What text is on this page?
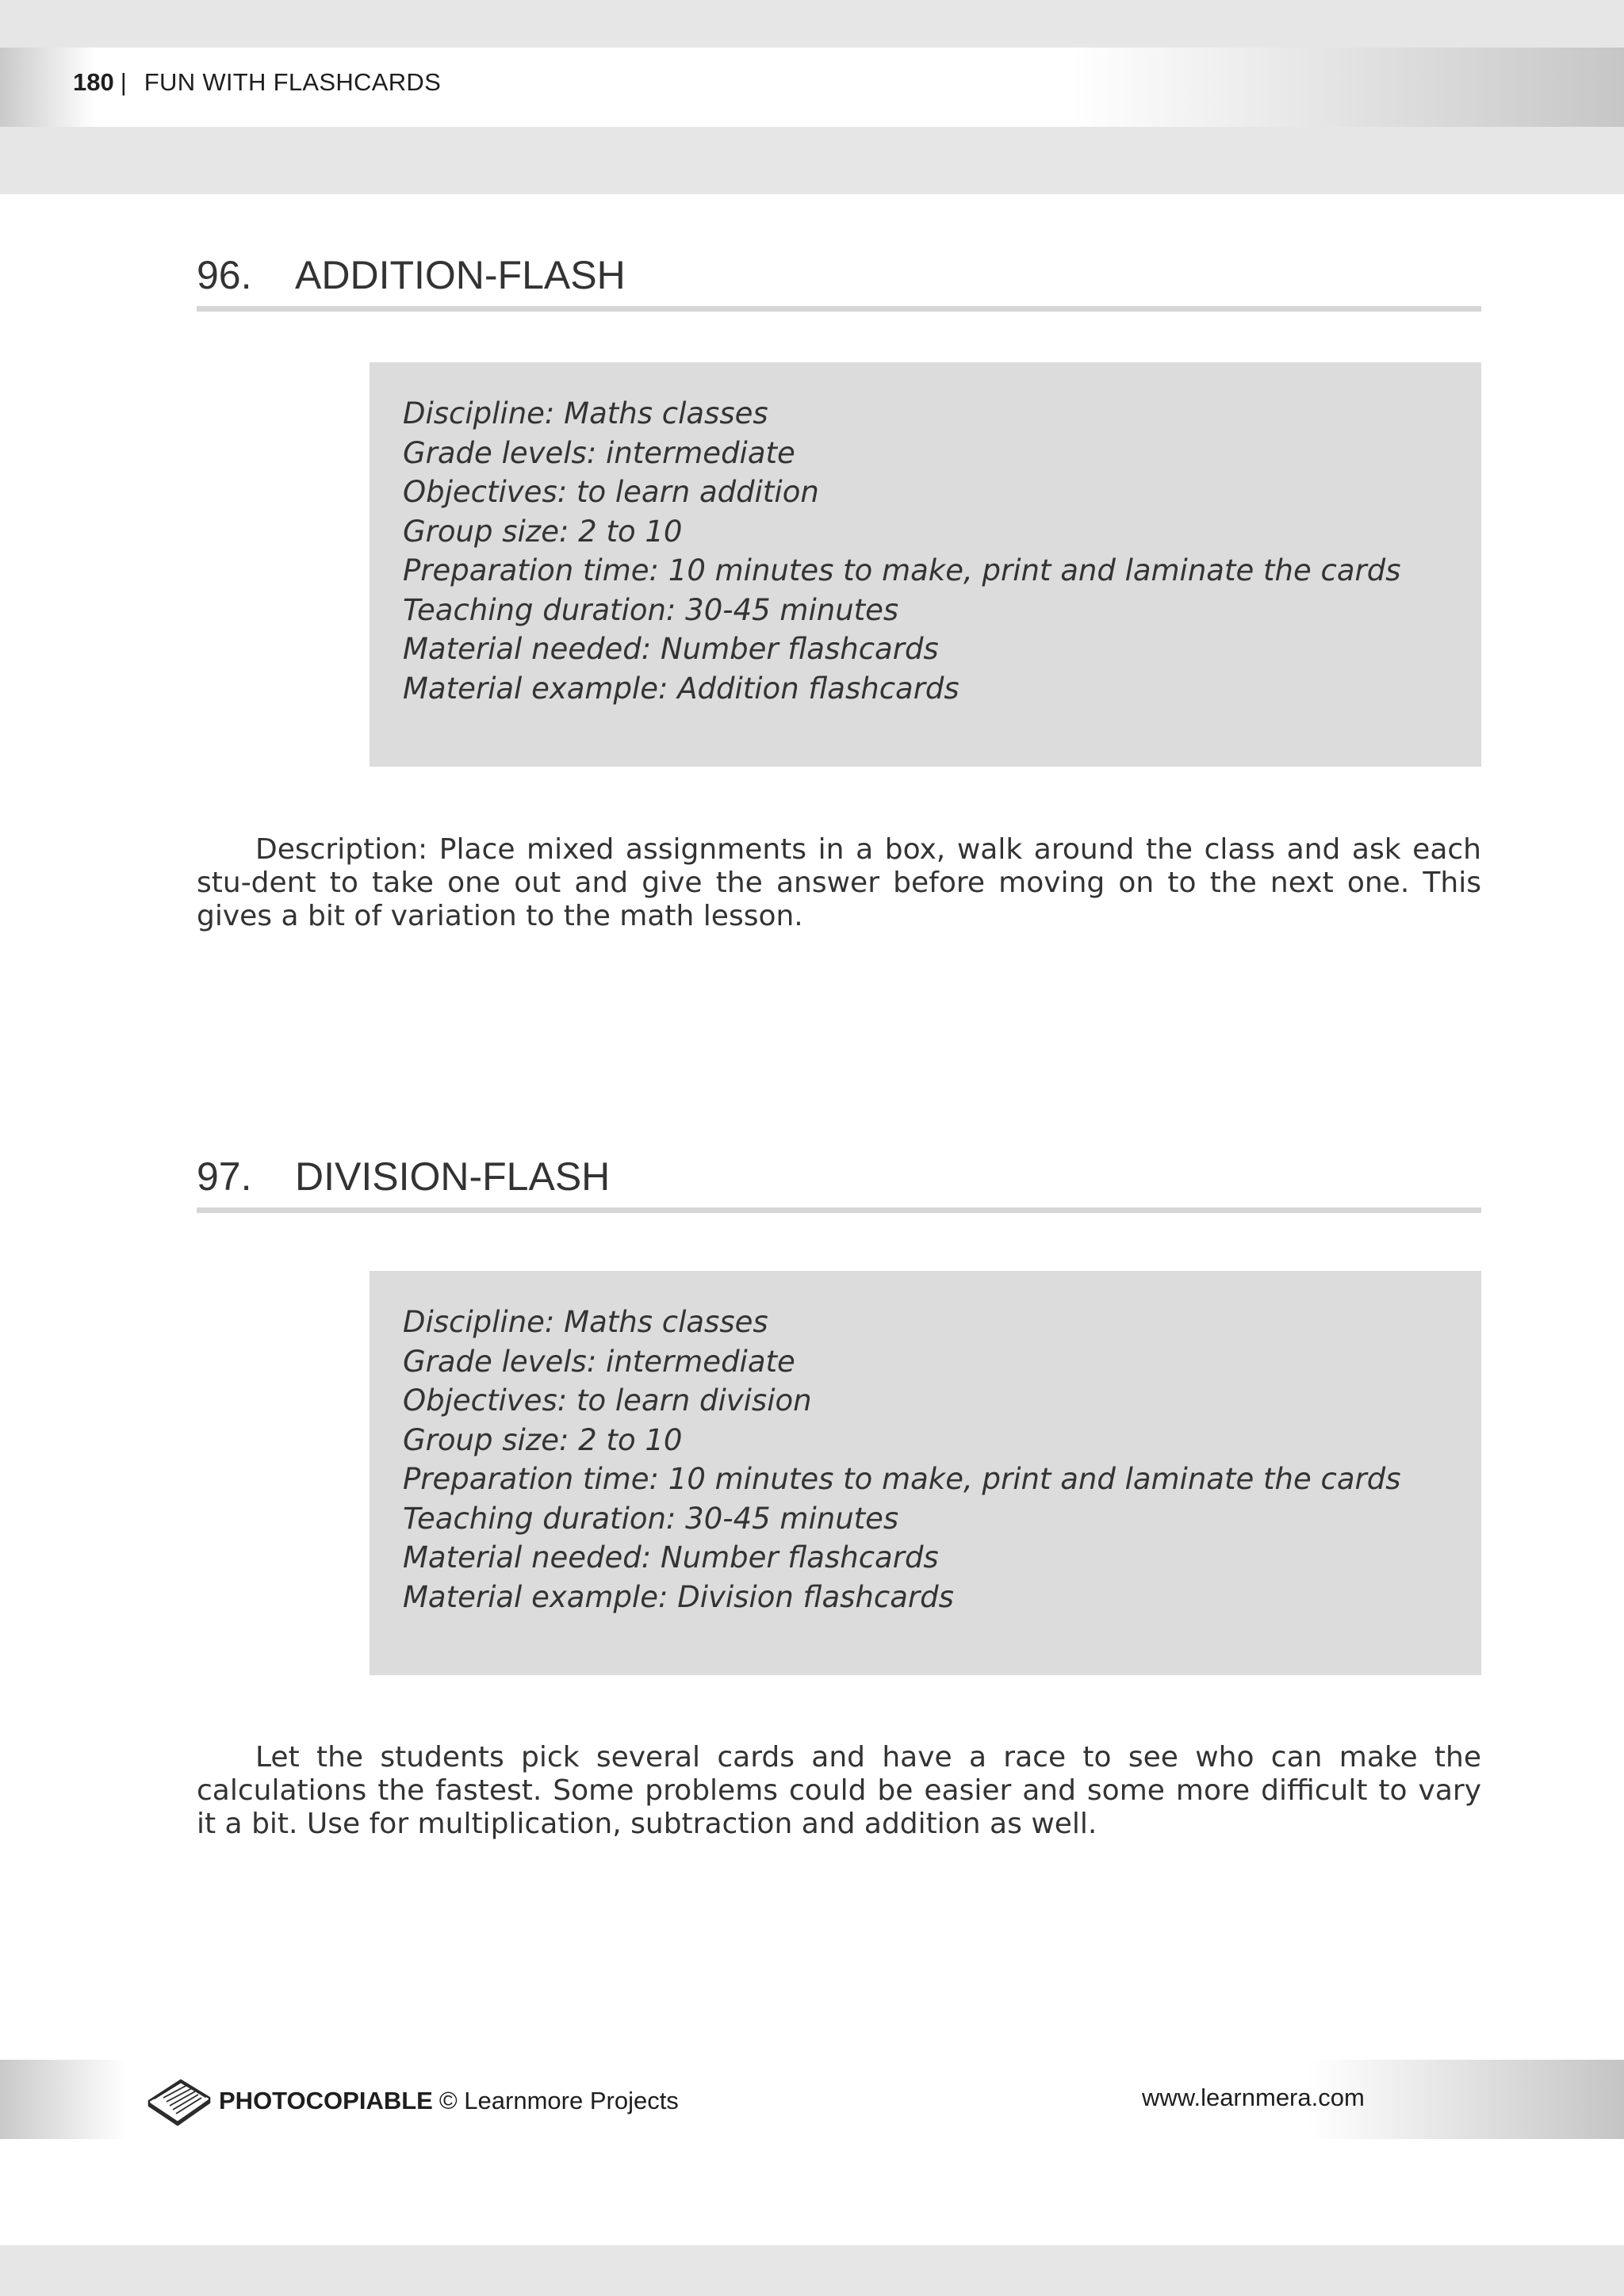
180 | FUN WITH FLASHCARDS
96.	ADDITION-FLASH
Discipline: Maths classes
Grade levels: intermediate
Objectives: to learn addition
Group size: 2 to 10
Preparation time: 10 minutes to make, print and laminate the cards
Teaching duration: 30-45 minutes
Material needed: Number flashcards
Material example: Addition flashcards

Description: Place mixed assignments in a box, walk around the class and ask each stu-dent to take one out and give the answer before moving on to the next one. This gives a bit of variation to the math lesson.

97.	DIVISION-FLASH
Discipline: Maths classes
Grade levels: intermediate
Objectives: to learn division
Group size: 2 to 10
Preparation time: 10 minutes to make, print and laminate the cards
Teaching duration: 30-45 minutes
Material needed: Number flashcards
Material example: Division flashcards

Let the students pick several cards and have a race to see who can make the calculations the fastest. Some problems could be easier and some more difficult to vary it a bit. Use for multiplication, subtraction and addition as well.

PHOTOCOPIABLE © Learnmore Projects	www.learnmera.com
